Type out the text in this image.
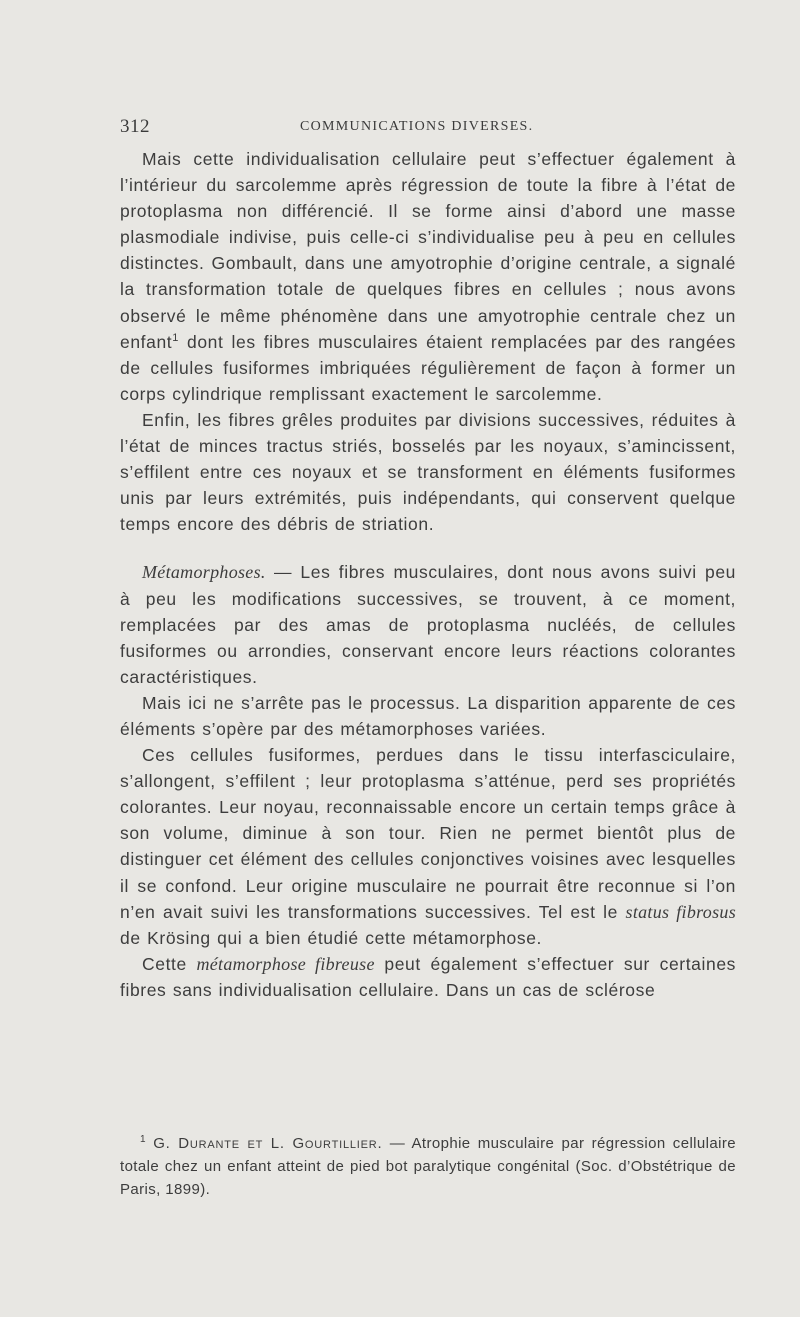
312	COMMUNICATIONS DIVERSES.

Mais cette individualisation cellulaire peut s’effectuer également à l’intérieur du sarcolemme après régression de toute la fibre à l’état de protoplasma non différencié. Il se forme ainsi d’abord une masse plasmodiale indivise, puis celle-ci s’individualise peu à peu en cellules distinctes. Gombault, dans une amyotrophie d’origine centrale, a signalé la transformation totale de quelques fibres en cellules ; nous avons observé le même phénomène dans une amyotrophie centrale chez un enfant$^1$ dont les fibres musculaires étaient remplacées par des rangées de cellules fusiformes imbriquées régulièrement de façon à former un corps cylindrique remplissant exactement le sarcolemme.

Enfin, les fibres grêles produites par divisions successives, réduites à l’état de minces tractus striés, bosselés par les noyaux, s’amincissent, s’effilent entre ces noyaux et se transforment en éléments fusiformes unis par leurs extrémités, puis indépendants, qui conservent quelque temps encore des débris de striation.

Métamorphoses. — Les fibres musculaires, dont nous avons suivi peu à peu les modifications successives, se trouvent, à ce moment, remplacées par des amas de protoplasma nucléés, de cellules fusiformes ou arrondies, conservant encore leurs réactions colorantes caractéristiques.

Mais ici ne s’arrête pas le processus. La disparition apparente de ces éléments s’opère par des métamorphoses variées.

Ces cellules fusiformes, perdues dans le tissu interfasciculaire, s’allongent, s’effilent ; leur protoplasma s’atténue, perd ses propriétés colorantes. Leur noyau, reconnaissable encore un certain temps grâce à son volume, diminue à son tour. Rien ne permet bientôt plus de distinguer cet élément des cellules conjonctives voisines avec lesquelles il se confond. Leur origine musculaire ne pourrait être reconnue si l’on n’en avait suivi les transformations successives. Tel est le status fibrosus de Krösing qui a bien étudié cette métamorphose.

Cette métamorphose fibreuse peut également s’effectuer sur certaines fibres sans individualisation cellulaire. Dans un cas de sclérose

$^1$ G. Durante et L. Gourtillier. — Atrophie musculaire par régression cellulaire totale chez un enfant atteint de pied bot paralytique congénital (Soc. d’Obstétrique de Paris, 1899).
